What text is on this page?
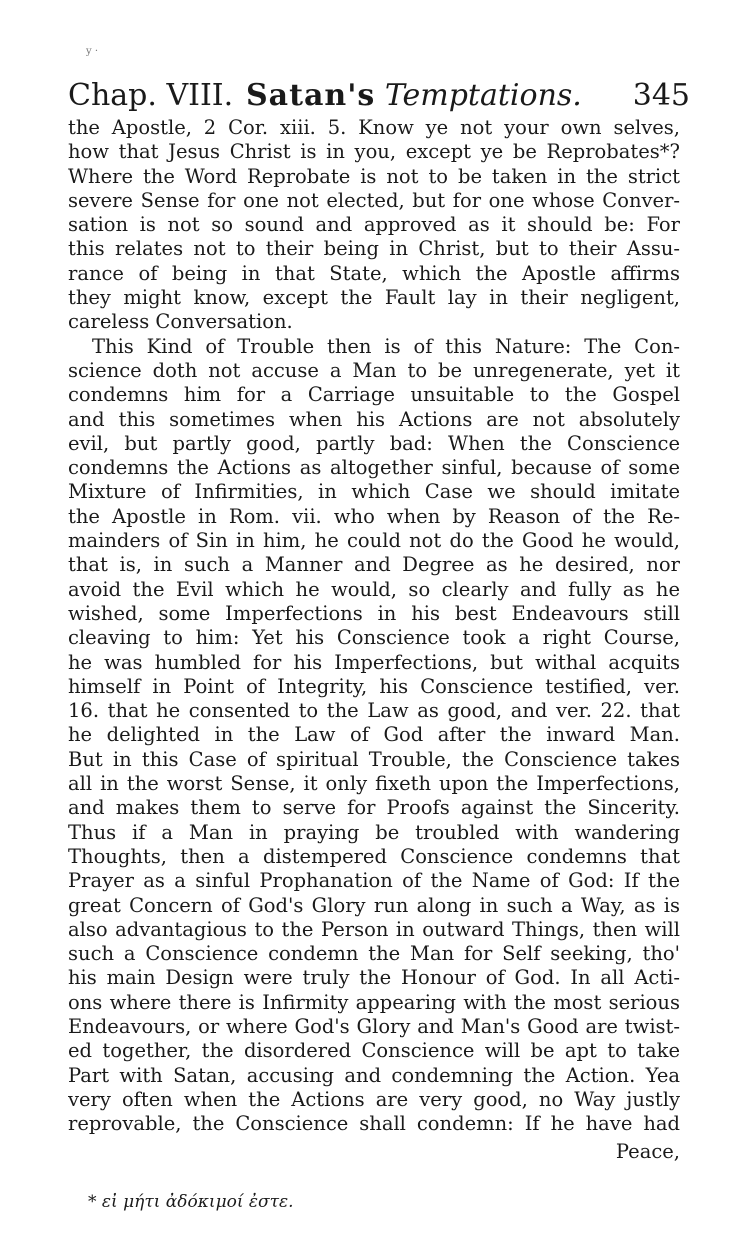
y ·
Chap. VIII. Satan's Temptations. 345
the Apostle, 2 Cor. xiii. 5. Know ye not your own selves,
how that Jesus Christ is in you, except ye be Reprobates*?
Where the Word Reprobate is not to be taken in the strict
severe Sense for one not elected, but for one whose Conver-
sation is not so sound and approved as it should be: For
this relates not to their being in Christ, but to their Assu-
rance of being in that State, which the Apostle affirms
they might know, except the Fault lay in their negligent,
careless Conversation.
This Kind of Trouble then is of this Nature: The Con-
science doth not accuse a Man to be unregenerate, yet it
condemns him for a Carriage unsuitable to the Gospel
and this sometimes when his Actions are not absolutely
evil, but partly good, partly bad: When the Conscience
condemns the Actions as altogether sinful, because of some
Mixture of Infirmities, in which Case we should imitate
the Apostle in Rom. vii. who when by Reason of the Re-
mainders of Sin in him, he could not do the Good he would,
that is, in such a Manner and Degree as he desired, nor
avoid the Evil which he would, so clearly and fully as he
wished, some Imperfections in his best Endeavours still
cleaving to him: Yet his Conscience took a right Course,
he was humbled for his Imperfections, but withal acquits
himself in Point of Integrity, his Conscience testified, ver.
16. that he consented to the Law as good, and ver. 22. that
he delighted in the Law of God after the inward Man.
But in this Case of spiritual Trouble, the Conscience takes
all in the worst Sense, it only fixeth upon the Imperfections,
and makes them to serve for Proofs against the Sincerity.
Thus if a Man in praying be troubled with wandering
Thoughts, then a distempered Conscience condemns that
Prayer as a sinful Prophanation of the Name of God: If the
great Concern of God's Glory run along in such a Way, as is
also advantagious to the Person in outward Things, then will
such a Conscience condemn the Man for Self seeking, tho'
his main Design were truly the Honour of God. In all Acti-
ons where there is Infirmity appearing with the most serious
Endeavours, or where God's Glory and Man's Good are twist-
ed together, the disordered Conscience will be apt to take
Part with Satan, accusing and condemning the Action. Yea
very often when the Actions are very good, no Way justly
reprovable, the Conscience shall condemn: If he have had
Peace,
* εἰ μήτι ἀδόκιμοί ἐστε.
